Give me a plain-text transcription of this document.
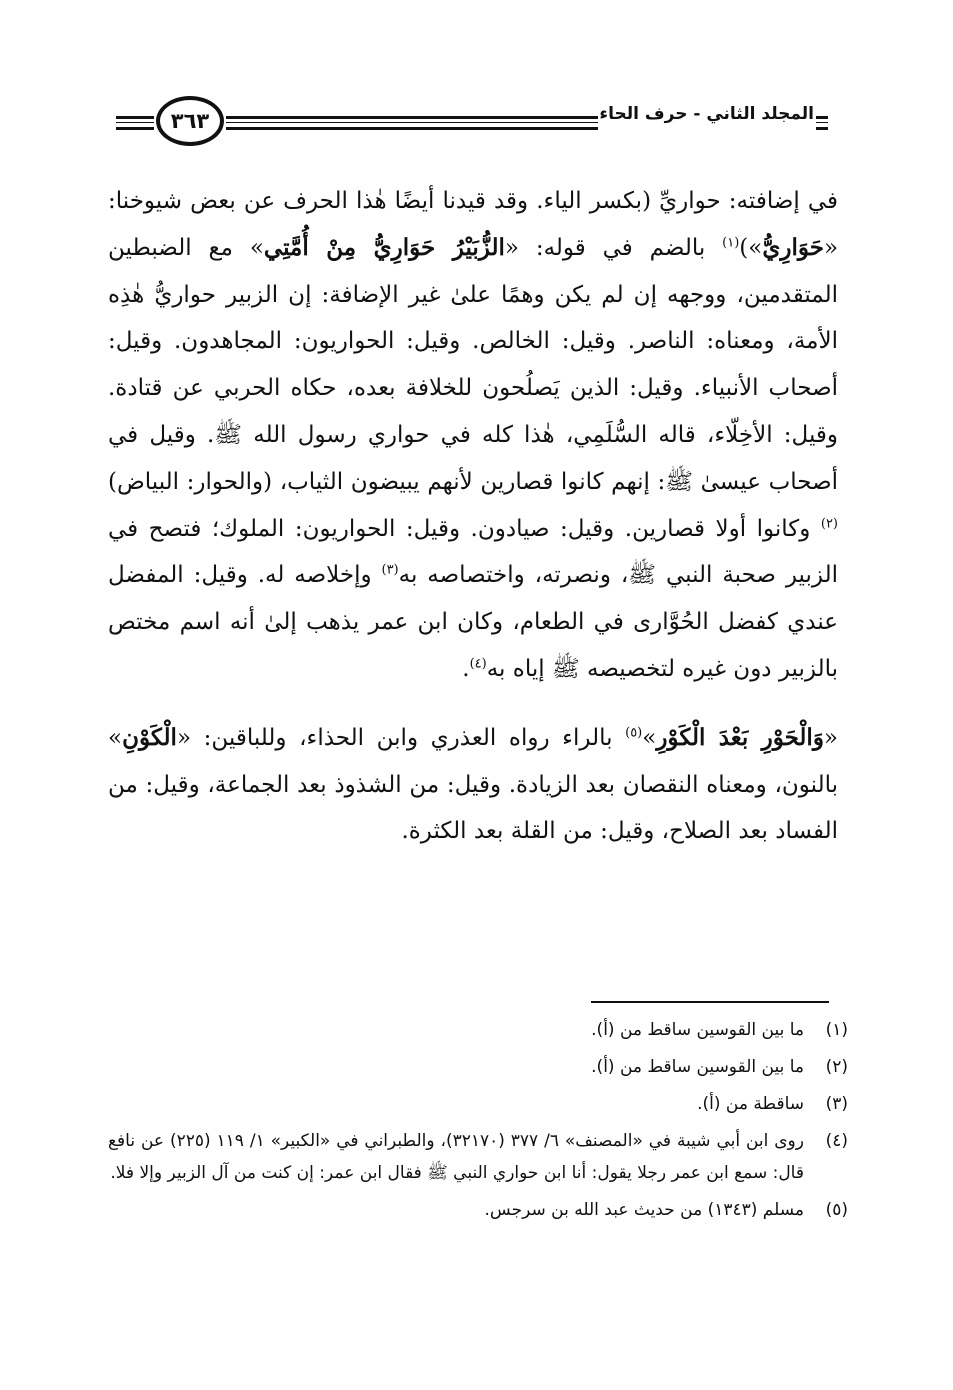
المجلد الثاني - حرف الحاء
٣٦٣

في إضافته: حواريِّ (بكسر الياء. وقد قيدنا أيضًا هٰذا الحرف عن بعض شيوخنا: «حَوَارِيُّ»)$^{(١)}$ بالضم في قوله: «الزُّبَيْرُ حَوَارِيُّ مِنْ أُمَّتِي» مع الضبطين المتقدمين، ووجهه إن لم يكن وهمًا علىٰ غير الإضافة: إن الزبير حواريُّ هٰذِه الأمة، ومعناه: الناصر. وقيل: الخالص. وقيل: الحواريون: المجاهدون. وقيل: أصحاب الأنبياء. وقيل: الذين يَصلُحون للخلافة بعده، حكاه الحربي عن قتادة. وقيل: الأخِلّاء، قاله السُّلَمِي، هٰذا كله في حواري رسول الله ﷺ. وقيل في أصحاب عيسىٰ ﷺ: إنهم كانوا قصارين لأنهم يبيضون الثياب، (والحوار: البياض)$^{(٢)}$ وكانوا أولا قصارين. وقيل: صيادون. وقيل: الحواريون: الملوك؛ فتصح في الزبير صحبة النبي ﷺ، ونصرته، واختصاصه به$^{(٣)}$ وإخلاصه له. وقيل: المفضل عندي كفضل الحُوَّارى في الطعام، وكان ابن عمر يذهب إلىٰ أنه اسم مختص بالزبير دون غيره لتخصيصه ﷺ إياه به$^{(٤)}$.

«وَالْحَوْرِ بَعْدَ الْكَوْرِ»$^{(٥)}$ بالراء رواه العذري وابن الحذاء، وللباقين: «الْكَوْنِ» بالنون، ومعناه النقصان بعد الزيادة. وقيل: من الشذوذ بعد الجماعة، وقيل: من الفساد بعد الصلاح، وقيل: من القلة بعد الكثرة.

(١)
ما بين القوسين ساقط من (أ).
(٢)
ما بين القوسين ساقط من (أ).
(٣)
ساقطة من (أ).
(٤)
روى ابن أبي شيبة في «المصنف» ٦/ ٣٧٧ (٣٢١٧٠)، والطبراني في «الكبير» ١/ ١١٩ (٢٢٥) عن نافع قال: سمع ابن عمر رجلا يقول: أنا ابن حواري النبي ﷺ فقال ابن عمر: إن كنت من آل الزبير وإلا فلا.
(٥)
مسلم (١٣٤٣) من حديث عبد الله بن سرجس.
